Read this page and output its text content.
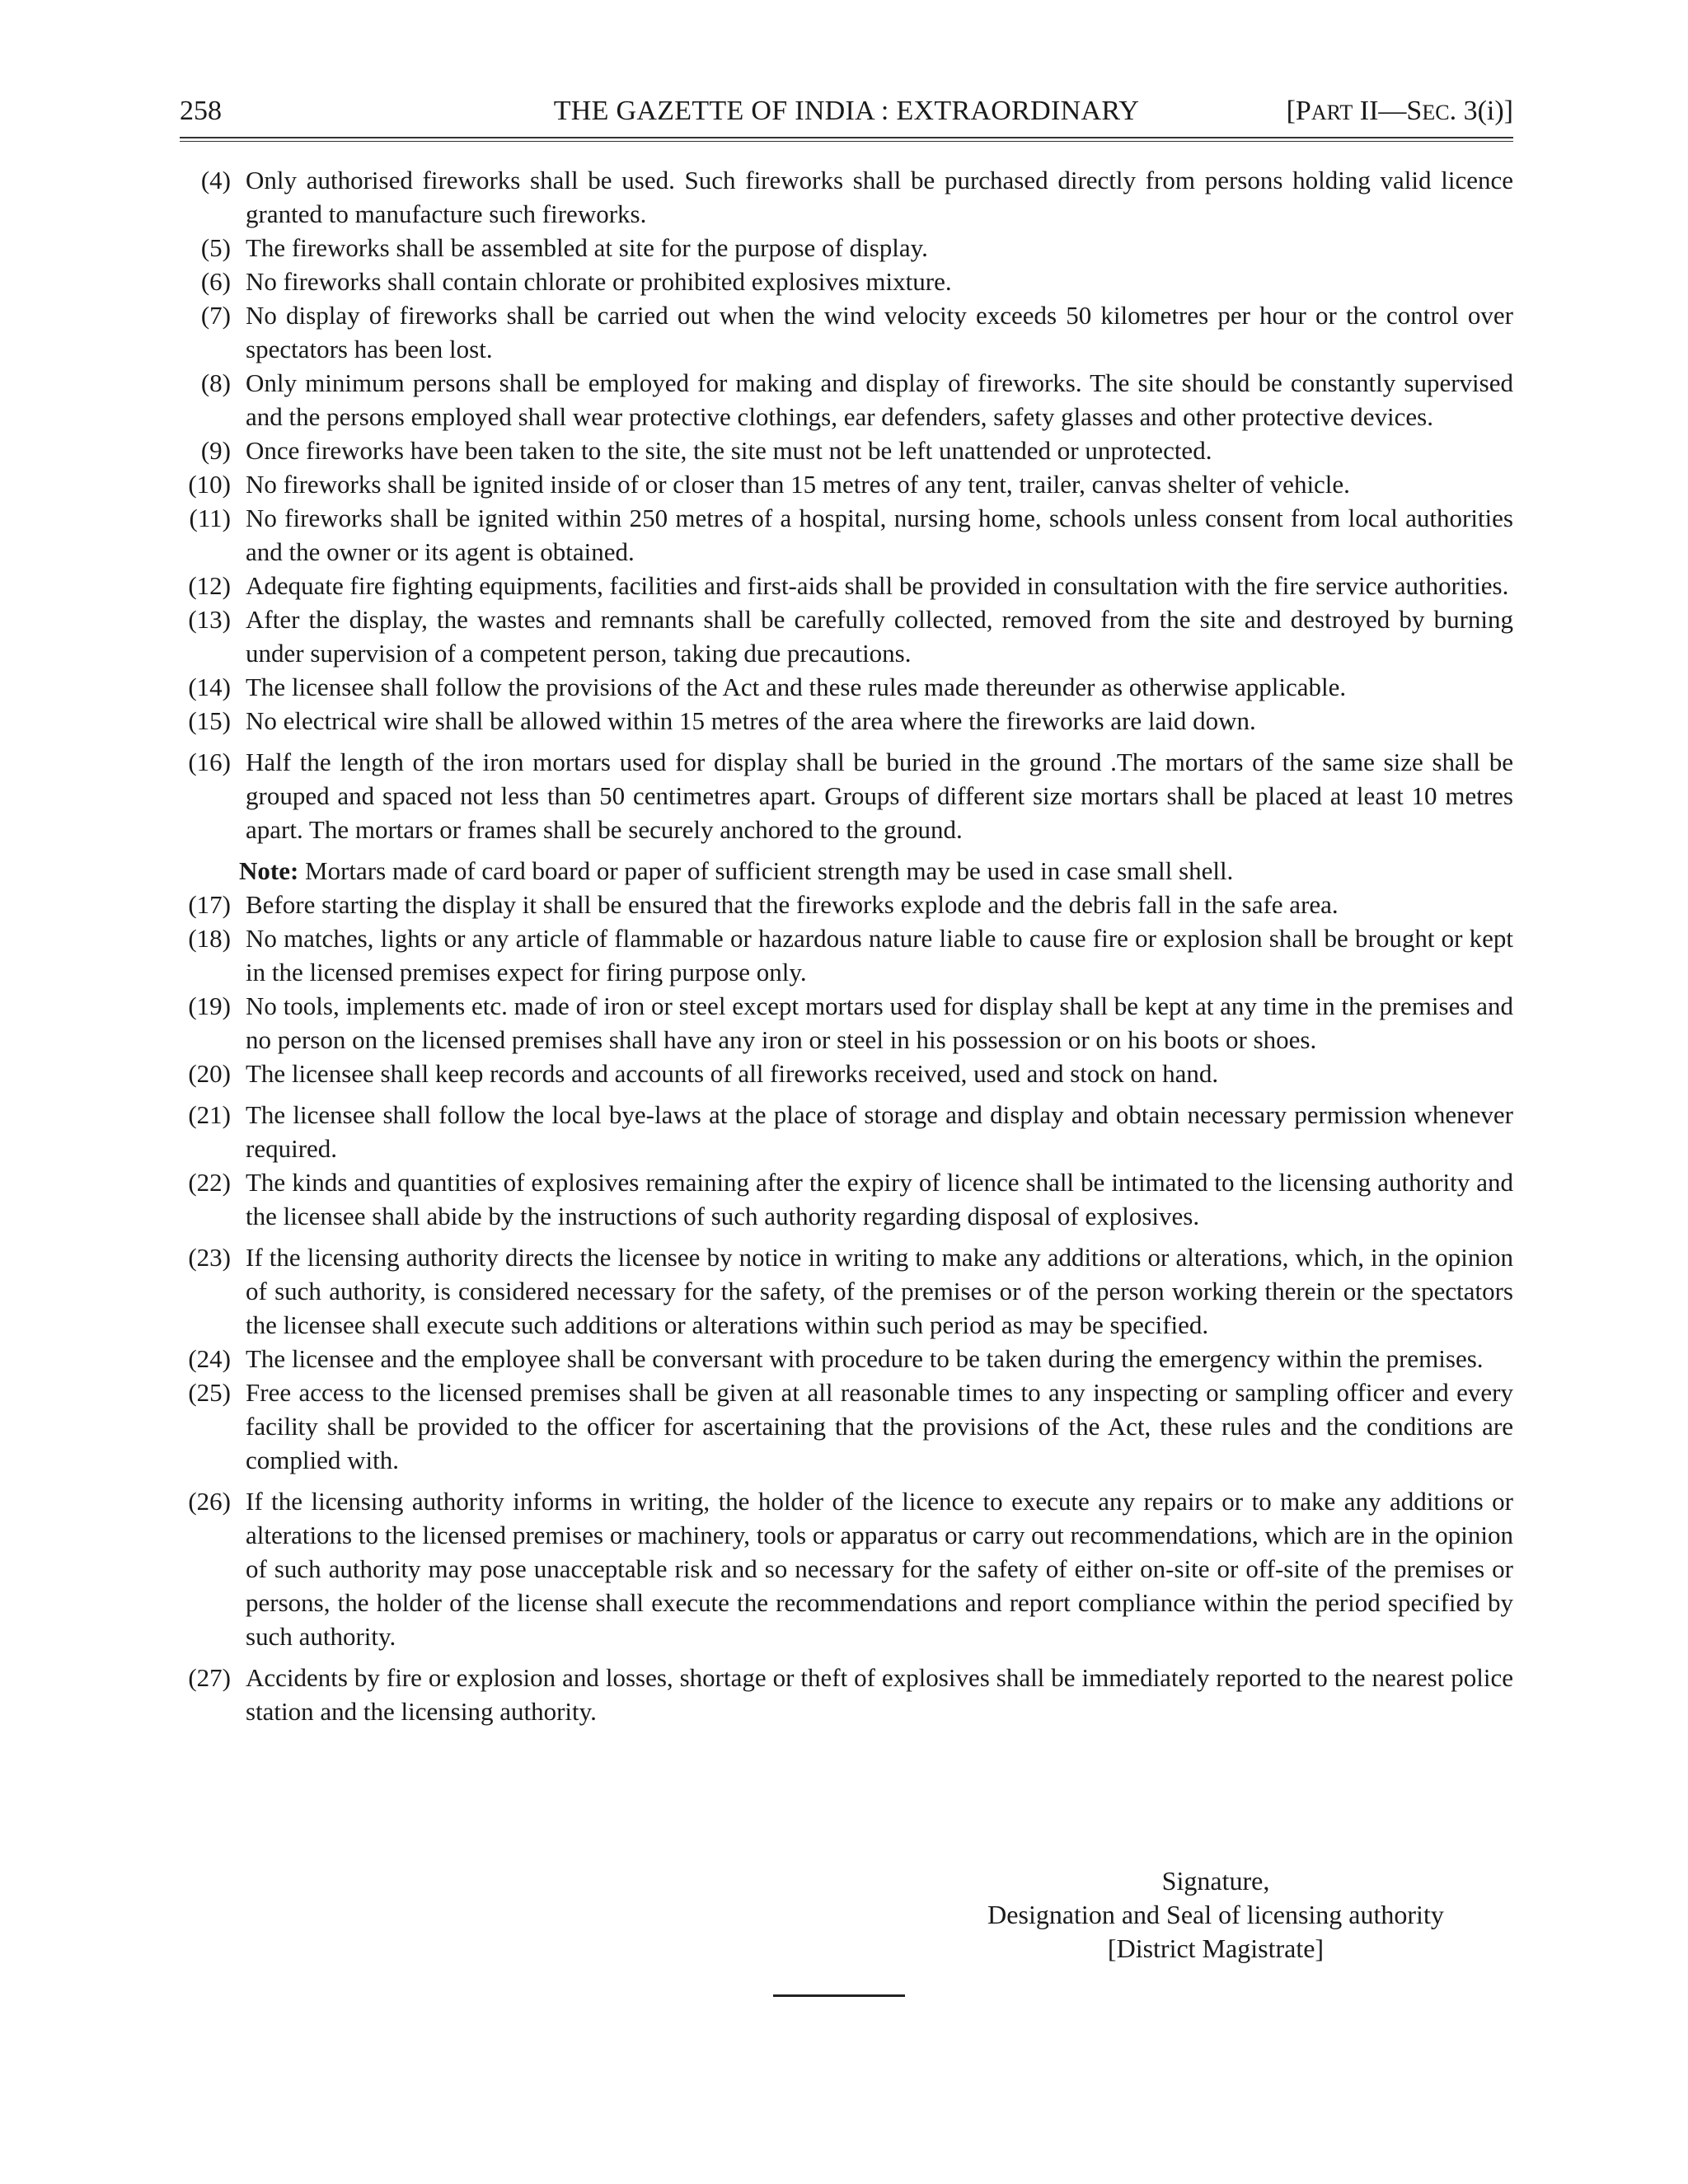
258	THE GAZETTE OF INDIA : EXTRAORDINARY	[PART II—SEC. 3(i)]
(4) Only authorised fireworks shall be used. Such fireworks shall be purchased directly from persons holding valid licence granted to manufacture such fireworks.
(5) The fireworks shall be assembled at site for the purpose of display.
(6) No fireworks shall contain chlorate or prohibited explosives mixture.
(7) No display of fireworks shall be carried out when the wind velocity exceeds 50 kilometres per hour or the control over spectators has been lost.
(8) Only minimum persons shall be employed for making and display of fireworks. The site should be constantly supervised and the persons employed shall wear protective clothings, ear defenders, safety glasses and other protective devices.
(9) Once fireworks have been taken to the site, the site must not be left unattended or unprotected.
(10) No fireworks shall be ignited inside of or closer than 15 metres of any tent, trailer, canvas shelter of vehicle.
(11) No fireworks shall be ignited within 250 metres of a hospital, nursing home, schools unless consent from local authorities and the owner or its agent is obtained.
(12) Adequate fire fighting equipments, facilities and first-aids shall be provided in consultation with the fire service authorities.
(13) After the display, the wastes and remnants shall be carefully collected, removed from the site and destroyed by burning under supervision of a competent person, taking due precautions.
(14) The licensee shall follow the provisions of the Act and these rules made thereunder as otherwise applicable.
(15) No electrical wire shall be allowed within 15 metres of the area where the fireworks are laid down.
(16) Half the length of the iron mortars used for display shall be buried in the ground .The mortars of the same size shall be grouped and spaced not less than 50 centimetres apart. Groups of different size mortars shall be placed at least 10 metres apart. The mortars or frames shall be securely anchored to the ground.
Note: Mortars made of card board or paper of sufficient strength may be used in case small shell.
(17) Before starting the display it shall be ensured that the fireworks explode and the debris fall in the safe area.
(18) No matches, lights or any article of flammable or hazardous nature liable to cause fire or explosion shall be brought or kept in the licensed premises expect for firing purpose only.
(19) No tools, implements etc. made of iron or steel except mortars used for display shall be kept at any time in the premises and no person on the licensed premises shall have any iron or steel in his possession or on his boots or shoes.
(20) The licensee shall keep records and accounts of all fireworks received, used and stock on hand.
(21) The licensee shall follow the local bye-laws at the place of storage and display and obtain necessary permission whenever required.
(22) The kinds and quantities of explosives remaining after the expiry of licence shall be intimated to the licensing authority and the licensee shall abide by the instructions of such authority regarding disposal of explosives.
(23) If the licensing authority directs the licensee by notice in writing to make any additions or alterations, which, in the opinion of such authority, is considered necessary for the safety, of the premises or of the person working therein or the spectators the licensee shall execute such additions or alterations within such period as may be specified.
(24) The licensee and the employee shall be conversant with procedure to be taken during the emergency within the premises.
(25) Free access to the licensed premises shall be given at all reasonable times to any inspecting or sampling officer and every facility shall be provided to the officer for ascertaining that the provisions of the Act, these rules and the conditions are complied with.
(26) If the licensing authority informs in writing, the holder of the licence to execute any repairs or to make any additions or alterations to the licensed premises or machinery, tools or apparatus or carry out recommendations, which are in the opinion of such authority may pose unacceptable risk and so necessary for the safety of either on-site or off-site of the premises or persons, the holder of the license shall execute the recommendations and report compliance within the period specified by such authority.
(27) Accidents by fire or explosion and losses, shortage or theft of explosives shall be immediately reported to the nearest police station and the licensing authority.
Signature,
Designation and Seal of licensing authority
[District Magistrate]
